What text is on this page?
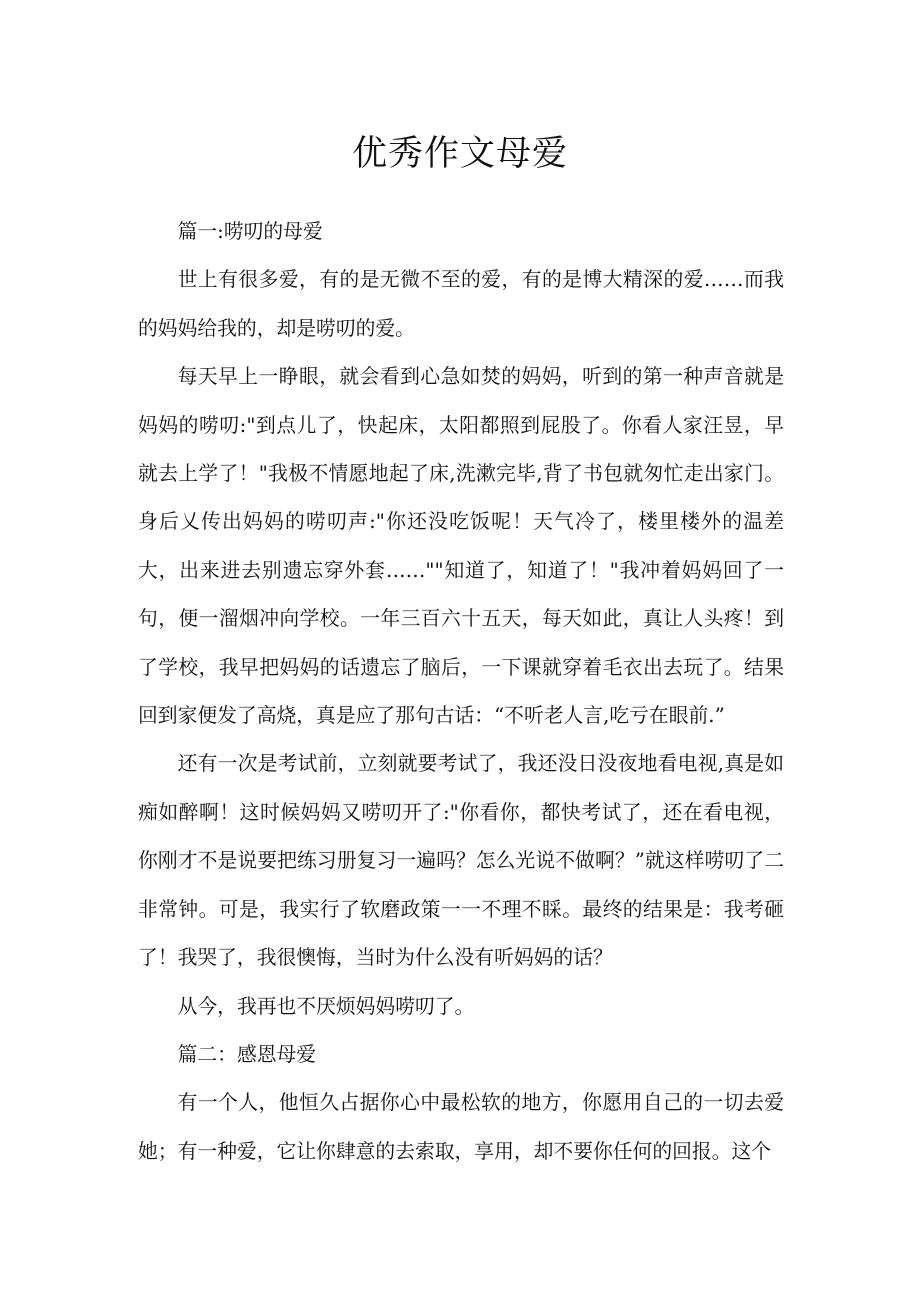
优秀作文母爱

篇一:唠叨的母爱

世上有很多爱，有的是无微不至的爱，有的是博大精深的爱……而我的妈妈给我的，却是唠叨的爱。

每天早上一睁眼，就会看到心急如焚的妈妈，听到的第一种声音就是妈妈的唠叨:"到点儿了，快起床，太阳都照到屁股了。你看人家汪昱，早就去上学了！"我极不情愿地起了床,洗漱完毕,背了书包就匆忙走出家门。身后乂传出妈妈的唠叨声:"你还没吃饭呢！天气冷了，楼里楼外的温差大，出来进去别遗忘穿外套……""知道了，知道了！"我冲着妈妈回了一句，便一溜烟冲向学校。一年三百六十五天，每天如此，真让人头疼！到了学校，我早把妈妈的话遗忘了脑后，一下课就穿着毛衣出去玩了。结果回到家便发了高烧，真是应了那句古话：“不听老人言,吃亏在眼前.”

还有一次是考试前，立刻就要考试了，我还没日没夜地看电视,真是如痴如醉啊！这时候妈妈又唠叨开了:"你看你，都快考试了，还在看电视，你刚才不是说要把练习册复习一遍吗？怎么光说不做啊？”就这样唠叨了二非常钟。可是，我实行了软磨政策一一不理不睬。最终的结果是：我考砸了！我哭了，我很懊悔，当时为什么没有听妈妈的话？

从今，我再也不厌烦妈妈唠叨了。

篇二：感恩母爱

有一个人，他恒久占据你心中最松软的地方，你愿用自己的一切去爱她；有一种爱，它让你肆意的去索取，享用，却不要你任何的回报。这个
